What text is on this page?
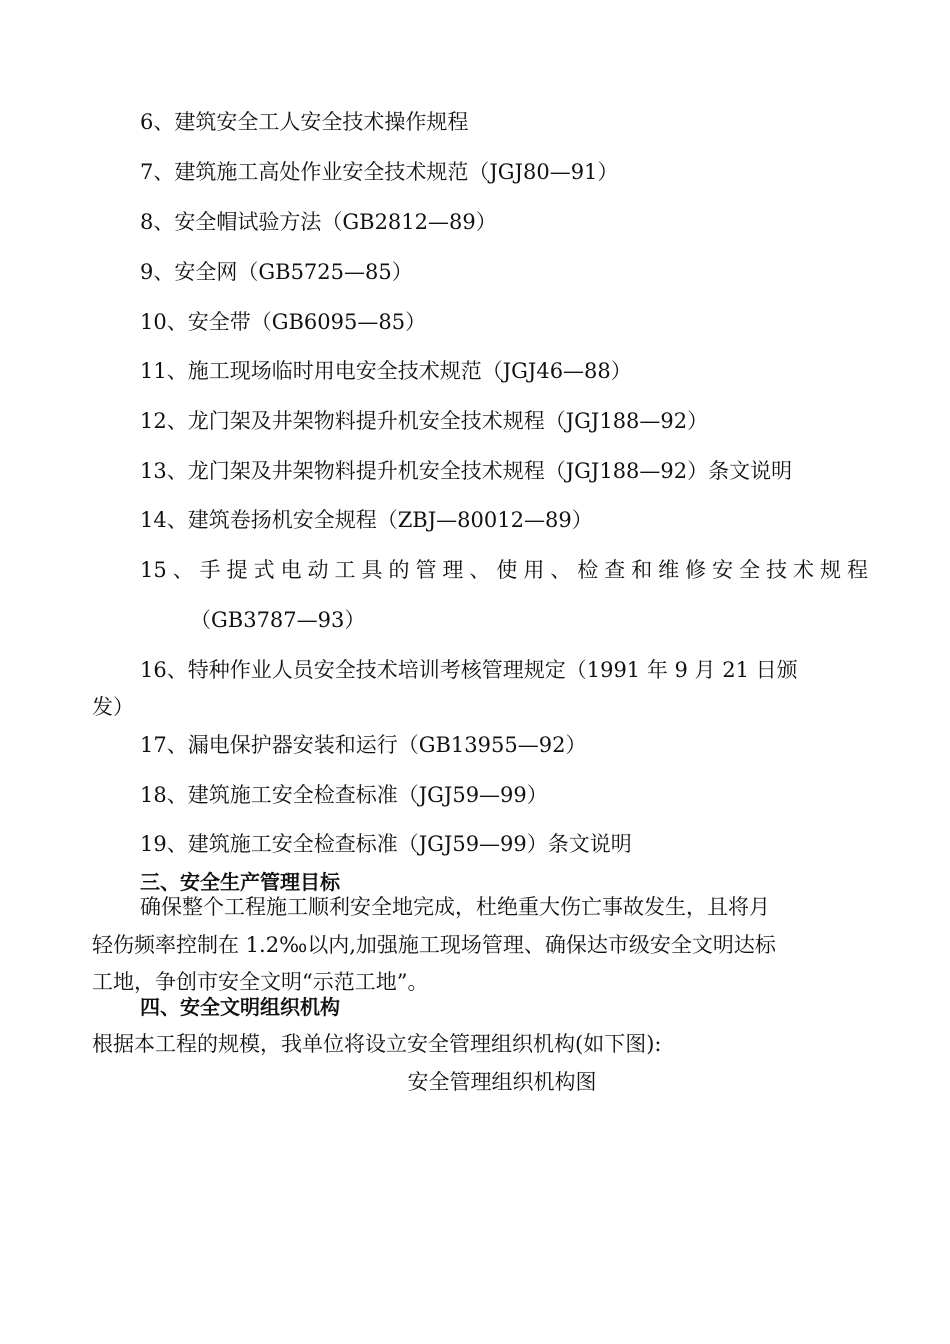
6、建筑安全工人安全技术操作规程
7、建筑施工高处作业安全技术规范（JGJ80—91）
8、安全帽试验方法（GB2812—89）
9、安全网（GB5725—85）
10、安全带（GB6095—85）
11、施工现场临时用电安全技术规范（JGJ46—88）
12、龙门架及井架物料提升机安全技术规程（JGJ188—92）
13、龙门架及井架物料提升机安全技术规程（JGJ188—92）条文说明
14、建筑卷扬机安全规程（ZBJ—80012—89）
15、手提式电动工具的管理、使用、检查和维修安全技术规程
（GB3787—93）
16、特种作业人员安全技术培训考核管理规定（1991 年 9 月 21 日颁
发）
17、漏电保护器安装和运行（GB13955—92）
18、建筑施工安全检查标准（JGJ59—99）
19、建筑施工安全检查标准（JGJ59—99）条文说明
三、安全生产管理目标
确保整个工程施工顺利安全地完成，杜绝重大伤亡事故发生，且将月
轻伤频率控制在 1.2‰以内,加强施工现场管理、确保达市级安全文明达标
工地，争创市安全文明“示范工地”。
四、安全文明组织机构
根据本工程的规模，我单位将设立安全管理组织机构(如下图):
安全管理组织机构图
